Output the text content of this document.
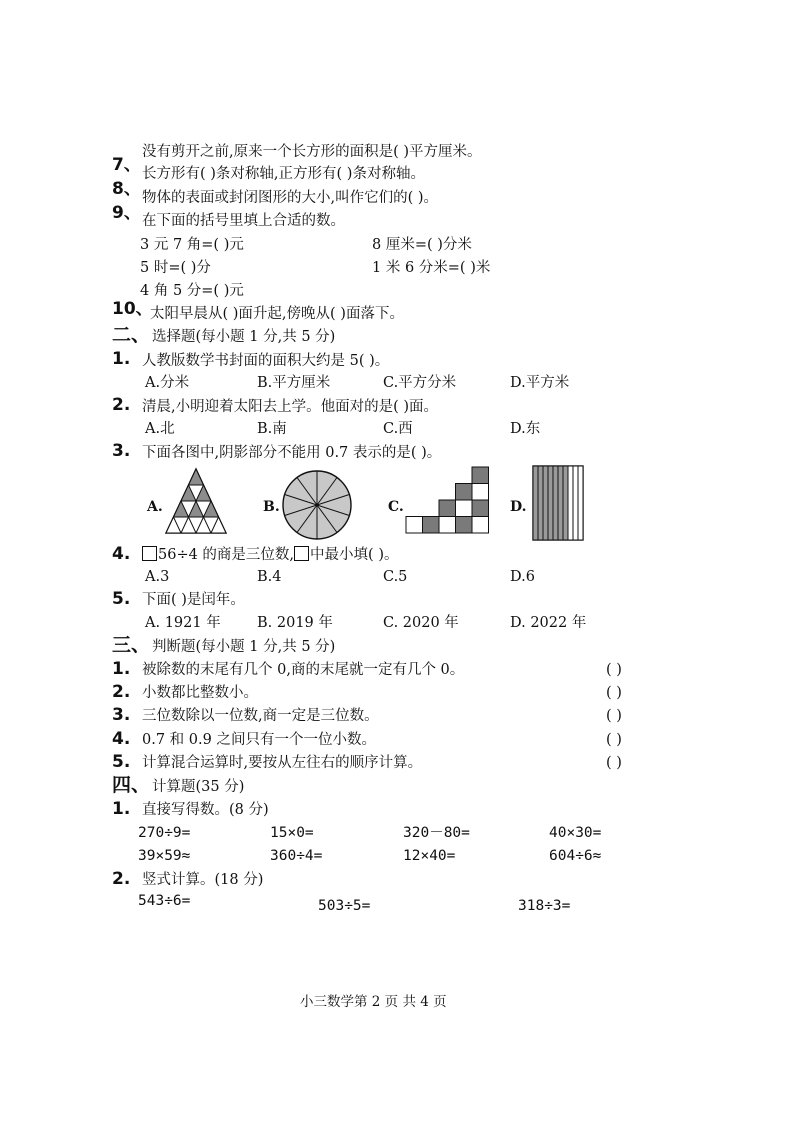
没有剪开之前,原来一个长方形的面积是( )平方厘米。
7、 长方形有( )条对称轴,正方形有( )条对称轴。
8、 物体的表面或封闭图形的大小,叫作它们的( )。
9、 在下面的括号里填上合适的数。
3 元 7 角=( )元	8 厘米=( )分米
5 时=( )分	1 米 6 分米=( )米
4 角 5 分=( )元
10、
太阳早晨从( )面升起,傍晚从( )面落下。
二、 选择题(每小题 1 分,共 5 分)
1. 人教版数学书封面的面积大约是 5( )。
A.分米	B.平方厘米	C.平方分米	D.平方米
2. 清晨,小明迎着太阳去上学。他面对的是( )面。
A.北	B.南	C.西	D.东
3. 下面各图中,阴影部分不能用 0.7 表示的是( )。
A.	B.	C.	D.
4.	56÷4 的商是三位数, 中最小填( )。
A.3	B.4	C.5	D.6
5. 下面( )是闰年。
A. 1921 年	B. 2019 年	C. 2020 年	D. 2022 年
三、 判断题(每小题 1 分,共 5 分)
1. 被除数的末尾有几个 0,商的末尾就一定有几个 0。	( )
2. 小数都比整数小。	( )
3. 三位数除以一位数,商一定是三位数。	( )
4. 0.7 和 0.9 之间只有一个一位小数。	( )
5. 计算混合运算时,要按从左往右的顺序计算。	( )
四、 计算题(35 分)
1. 直接写得数。(8 分)
270÷9=	15×0=	320－80=	40×30=
39×59≈	360÷4=	12×40=	604÷6≈
2. 竖式计算。(18 分)
543÷6=	503÷5=	318÷3=
小三数学第 2 页 共 4 页
